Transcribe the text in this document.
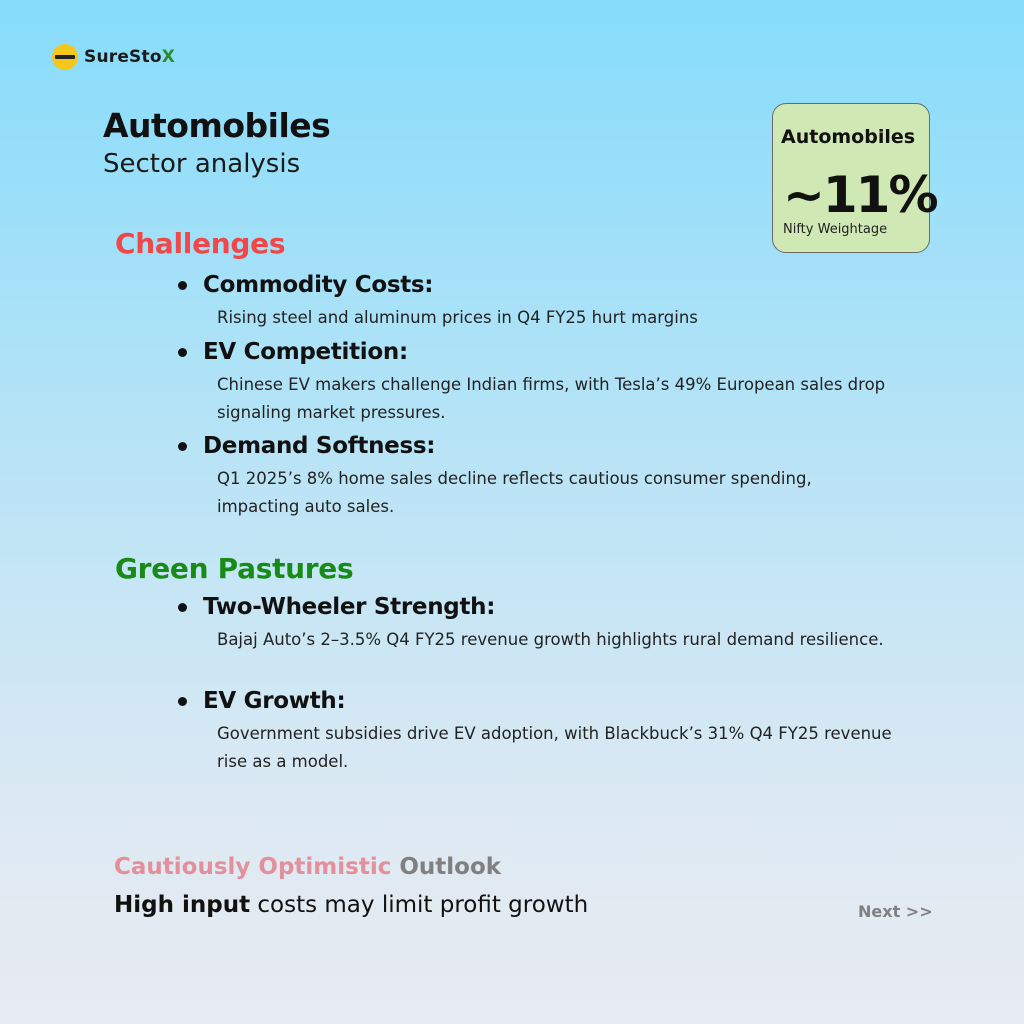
SureStoX
Automobiles

Sector analysis

Automobiles
~11%
Nifty Weightage
Challenges
Commodity Costs:
Rising steel and aluminum prices in Q4 FY25 hurt margins
EV Competition:
Chinese EV makers challenge Indian firms, with Tesla’s 49% European sales drop signaling market pressures.
Demand Softness:
Q1 2025’s 8% home sales decline reflects cautious consumer spending, impacting auto sales.
Green Pastures
Two-Wheeler Strength:
Bajaj Auto’s 2–3.5% Q4 FY25 revenue growth highlights rural demand resilience.
EV Growth:
Government subsidies drive EV adoption, with Blackbuck’s 31% Q4 FY25 revenue rise as a model.
Cautiously Optimistic Outlook
High input costs may limit profit growth	Next >>
